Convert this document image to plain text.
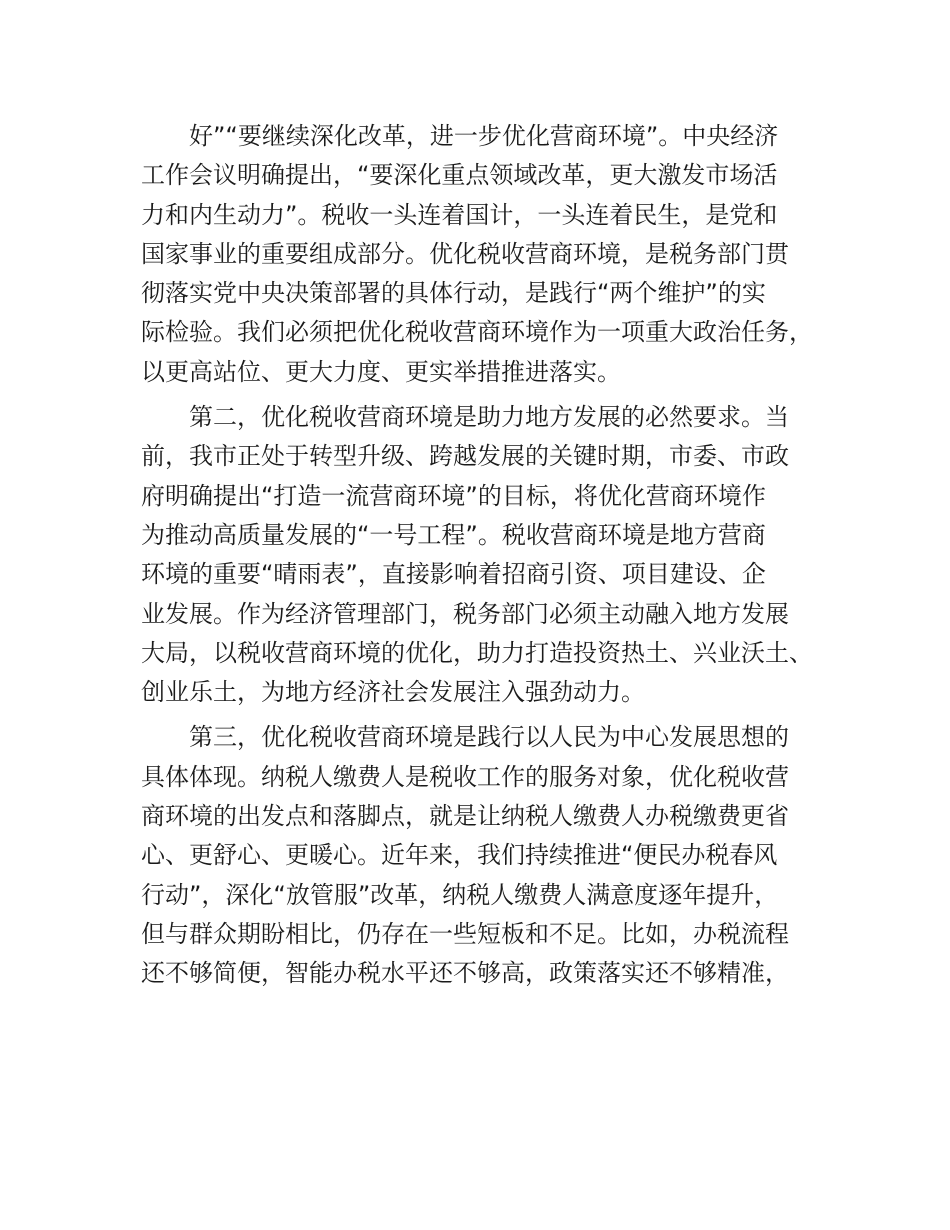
好”“要继续深化改革，进一步优化营商环境”。中央经济
工作会议明确提出，“要深化重点领域改革，更大激发市场活
力和内生动力”。税收一头连着国计，一头连着民生，是党和
国家事业的重要组成部分。优化税收营商环境，是税务部门贯
彻落实党中央决策部署的具体行动，是践行“两个维护”的实
际检验。我们必须把优化税收营商环境作为一项重大政治任务，
以更高站位、更大力度、更实举措推进落实。
第二，优化税收营商环境是助力地方发展的必然要求。当
前，我市正处于转型升级、跨越发展的关键时期，市委、市政
府明确提出“打造一流营商环境”的目标，将优化营商环境作
为推动高质量发展的“一号工程”。税收营商环境是地方营商
环境的重要“晴雨表”，直接影响着招商引资、项目建设、企
业发展。作为经济管理部门，税务部门必须主动融入地方发展
大局，以税收营商环境的优化，助力打造投资热土、兴业沃土、
创业乐土，为地方经济社会发展注入强劲动力。
第三，优化税收营商环境是践行以人民为中心发展思想的
具体体现。纳税人缴费人是税收工作的服务对象，优化税收营
商环境的出发点和落脚点，就是让纳税人缴费人办税缴费更省
心、更舒心、更暖心。近年来，我们持续推进“便民办税春风
行动”，深化“放管服”改革，纳税人缴费人满意度逐年提升，
但与群众期盼相比，仍存在一些短板和不足。比如，办税流程
还不够简便，智能办税水平还不够高，政策落实还不够精准，
